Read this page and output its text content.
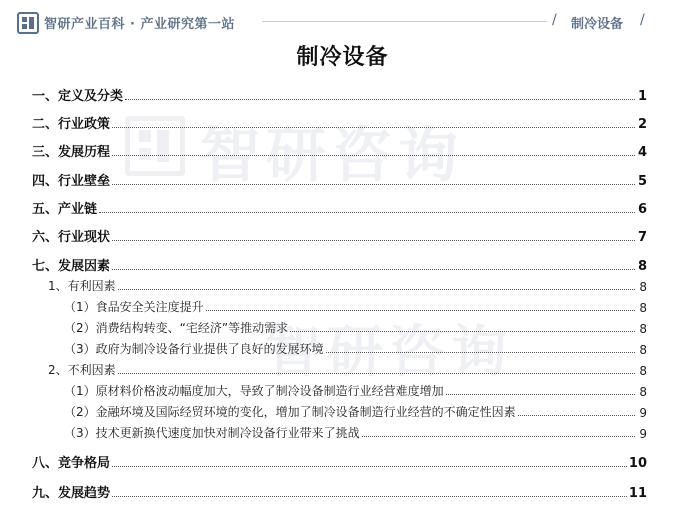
智研产业百科 · 产业研究第一站	/ 制冷设备 /
智研咨询
智研咨询
制冷设备
一、定义及分类	1
二、行业政策	2
三、发展历程	4
四、行业壁垒	5
五、产业链	6
六、行业现状	7
七、发展因素	8
1、有利因素	8
（1）食品安全关注度提升	8
（2）消费结构转变、“宅经济”等推动需求	8
（3）政府为制冷设备行业提供了良好的发展环境	8
2、不利因素	8
（1）原材料价格波动幅度加大，导致了制冷设备制造行业经营难度增加	8
（2）金融环境及国际经贸环境的变化，增加了制冷设备制造行业经营的不确定性因素	9
（3）技术更新换代速度加快对制冷设备行业带来了挑战	9
八、竞争格局	10
九、发展趋势	11
